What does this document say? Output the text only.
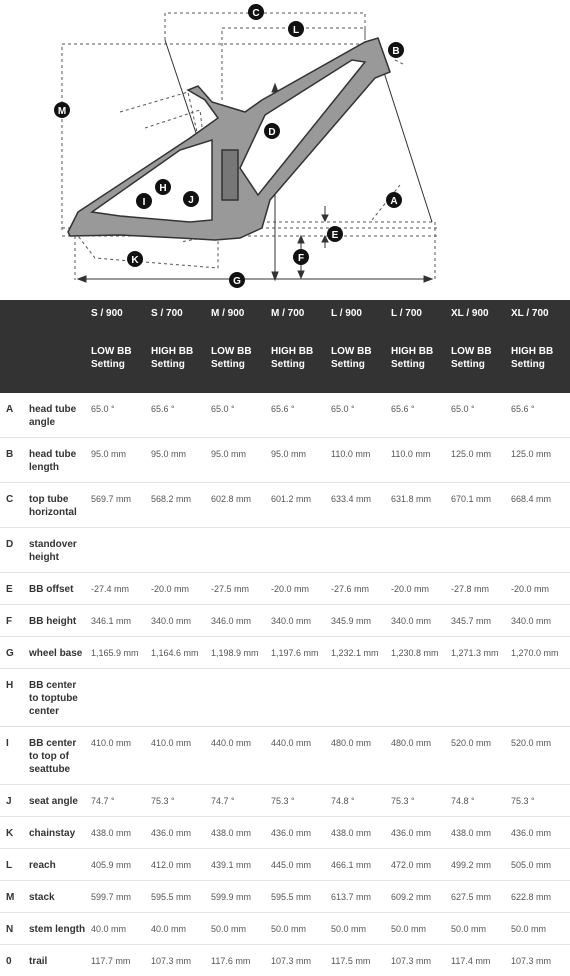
C
L
B
M
D
H
I	J	A
E
F
K
G
		S / 900	S / 700	M / 900	M / 700	L / 900	L / 700	XL / 900	XL / 700
		LOW BB Setting	HIGH BB Setting	LOW BB Setting	HIGH BB Setting	LOW BB Setting	HIGH BB Setting	LOW BB Setting	HIGH BB Setting
A	head tube angle	65.0 °	65.6 °	65.0 °	65.6 °	65.0 °	65.6 °	65.0 °	65.6 °
B	head tube length	95.0 mm	95.0 mm	95.0 mm	95.0 mm	110.0 mm	110.0 mm	125.0 mm	125.0 mm
C	top tube horizontal	569.7 mm	568.2 mm	602.8 mm	601.2 mm	633.4 mm	631.8 mm	670.1 mm	668.4 mm
D	standover height								
E	BB offset	-27.4 mm	-20.0 mm	-27.5 mm	-20.0 mm	-27.6 mm	-20.0 mm	-27.8 mm	-20.0 mm
F	BB height	346.1 mm	340.0 mm	346.0 mm	340.0 mm	345.9 mm	340.0 mm	345.7 mm	340.0 mm
G	wheel base	1,165.9 mm	1,164.6 mm	1,198.9 mm	1,197.6 mm	1,232.1 mm	1,230.8 mm	1,271.3 mm	1,270.0 mm
H	BB center to toptube center								
I	BB center to top of seattube	410.0 mm	410.0 mm	440.0 mm	440.0 mm	480.0 mm	480.0 mm	520.0 mm	520.0 mm
J	seat angle	74.7 °	75.3 °	74.7 °	75.3 °	74.8 °	75.3 °	74.8 °	75.3 °
K	chainstay	438.0 mm	436.0 mm	438.0 mm	436.0 mm	438.0 mm	436.0 mm	438.0 mm	436.0 mm
L	reach	405.9 mm	412.0 mm	439.1 mm	445.0 mm	466.1 mm	472.0 mm	499.2 mm	505.0 mm
M	stack	599.7 mm	595.5 mm	599.9 mm	595.5 mm	613.7 mm	609.2 mm	627.5 mm	622.8 mm
N	stem length	40.0 mm	40.0 mm	50.0 mm	50.0 mm	50.0 mm	50.0 mm	50.0 mm	50.0 mm
0	trail	117.7 mm	107.3 mm	117.6 mm	107.3 mm	117.5 mm	107.3 mm	117.4 mm	107.3 mm
